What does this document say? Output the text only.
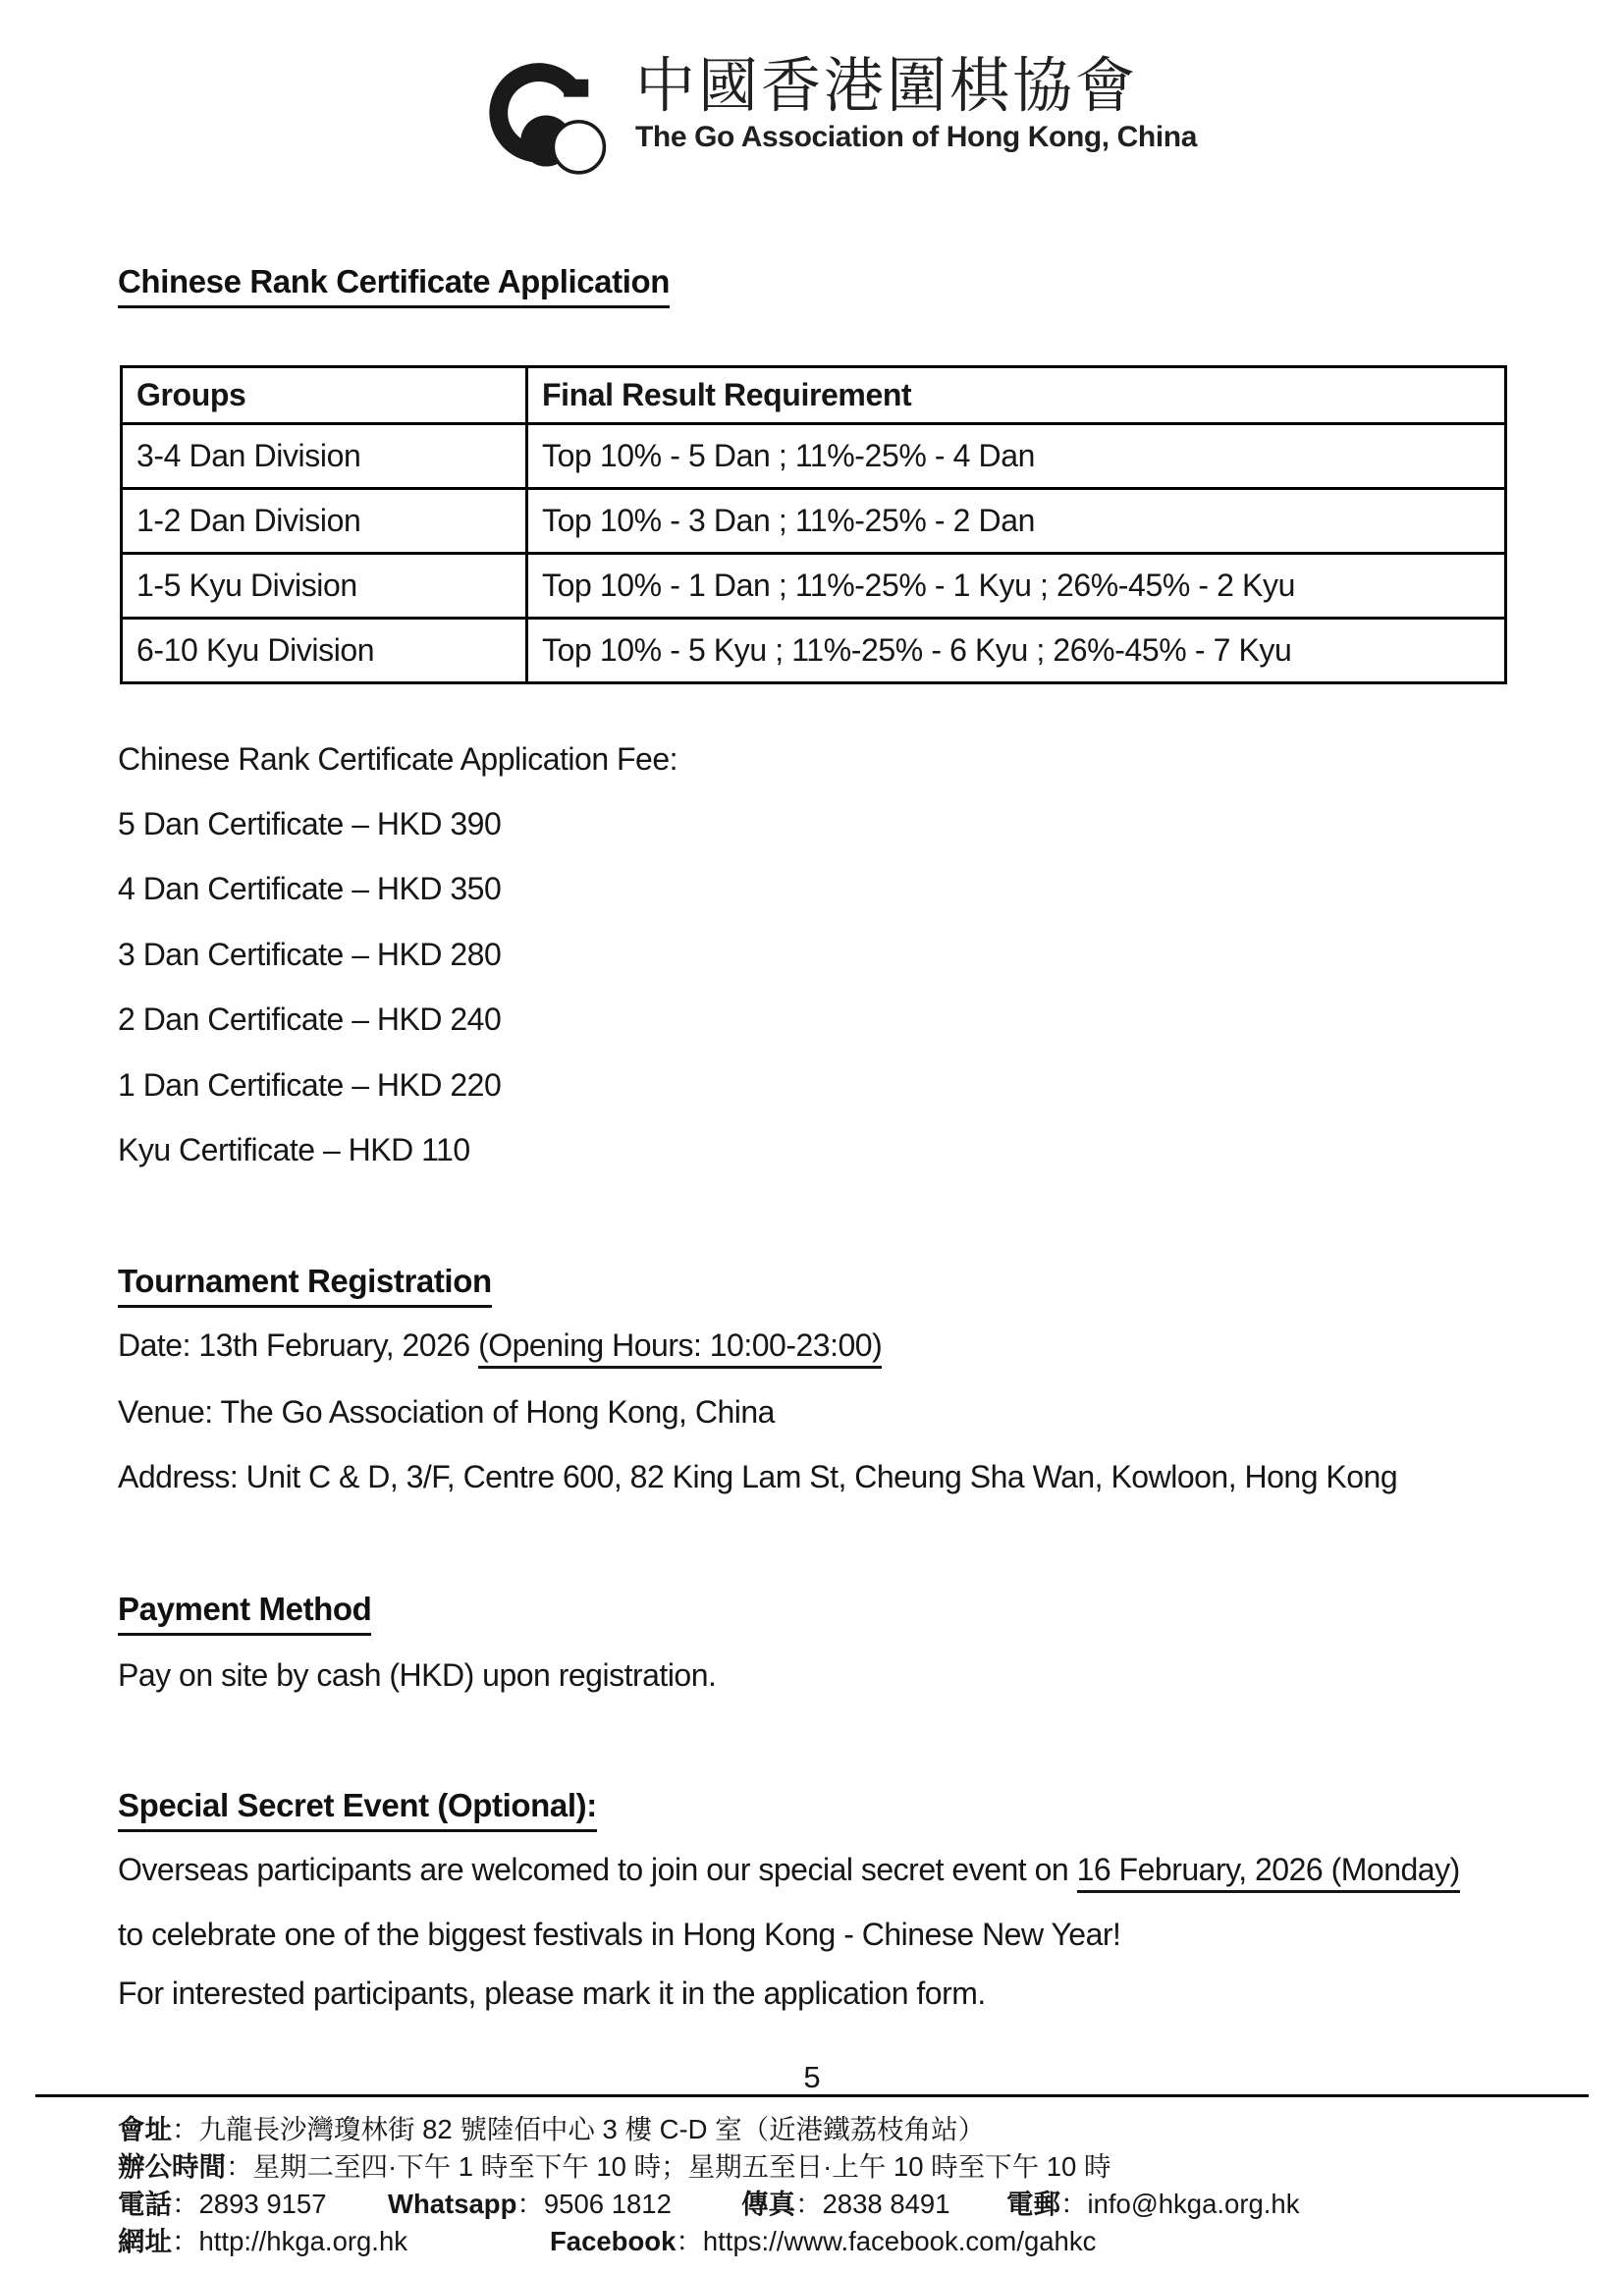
中國香港圍棋協會
The Go Association of Hong Kong, China
Chinese Rank Certificate Application
Groups	Final Result Requirement
3-4 Dan Division	Top 10% - 5 Dan ; 11%-25% - 4 Dan
1-2 Dan Division	Top 10% - 3 Dan ; 11%-25% - 2 Dan
1-5 Kyu Division	Top 10% - 1 Dan ; 11%-25% - 1 Kyu ; 26%-45% - 2 Kyu
6-10 Kyu Division	Top 10% - 5 Kyu ; 11%-25% - 6 Kyu ; 26%-45% - 7 Kyu
Chinese Rank Certificate Application Fee:
5 Dan Certificate – HKD 390
4 Dan Certificate – HKD 350
3 Dan Certificate – HKD 280
2 Dan Certificate – HKD 240
1 Dan Certificate – HKD 220
Kyu Certificate – HKD 110
Tournament Registration

Date: 13th February, 2026 (Opening Hours: 10:00-23:00)

Venue: The Go Association of Hong Kong, China

Address: Unit C & D, 3/F, Centre 600, 82 King Lam St, Cheung Sha Wan, Kowloon, Hong Kong

Payment Method

Pay on site by cash (HKD) upon registration.

Special Secret Event (Optional):

Overseas participants are welcomed to join our special secret event on 16 February, 2026 (Monday)

to celebrate one of the biggest festivals in Hong Kong - Chinese New Year!

For interested participants, please mark it in the application form.

5
會址：九龍長沙灣瓊林街 82 號陸佰中心 3 樓 C-D 室（近港鐵荔枝角站）
辦公時間：星期二至四·下午 1 時至下午 10 時；星期五至日·上午 10 時至下午 10 時
電話：2893 9157 Whatsapp：9506 1812	傳真：2838 8491 電郵：info@hkga.org.hk
網址：http://hkga.org.hk	Facebook：https://www.facebook.com/gahkc
